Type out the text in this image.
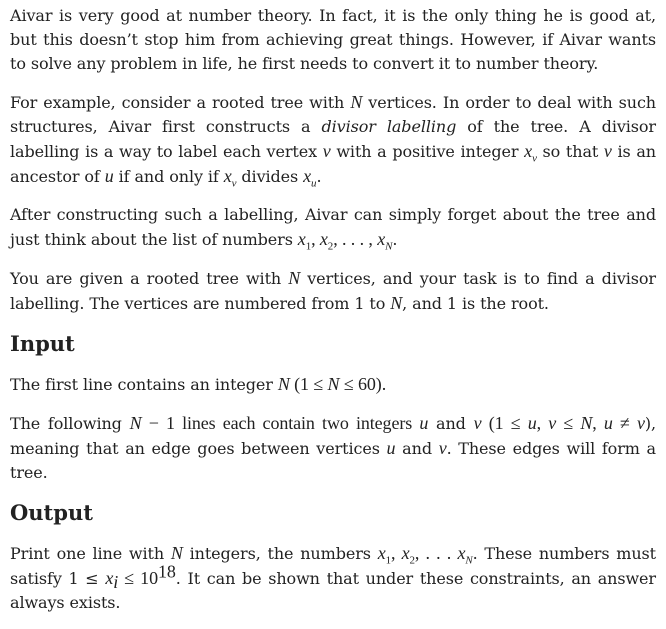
Aivar is very good at number theory. In fact, it is the only thing he is good at, but this doesn’t stop him from achieving great things. However, if Aivar wants to solve any problem in life, he first needs to convert it to number theory.

For example, consider a rooted tree with N vertices. In order to deal with such structures, Aivar first constructs a divisor labelling of the tree. A divisor labelling is a way to label each vertex v with a positive integer $x_v$ so that v is an ancestor of u if and only if $x_v$ divides $x_u$.

After constructing such a labelling, Aivar can simply forget about the tree and just think about the list of numbers $x_1$, $x_2$, . . . , $x_N$.

You are given a rooted tree with N vertices, and your task is to find a divisor labelling. The vertices are numbered from 1 to N, and 1 is the root.

Input

The first line contains an integer N (1 ≤ N ≤ 60).

The following N − 1 lines each contain two integers u and v (1 ≤ u, v ≤ N, u ≠ v), meaning that an edge goes between vertices u and v. These edges will form a tree.

Output

Print one line with N integers, the numbers $x_1$, $x_2$, . . . $x_N$. These numbers must satisfy $1 \le x_i \le 10^{18}$. It can be shown that under these constraints, an answer always exists.
